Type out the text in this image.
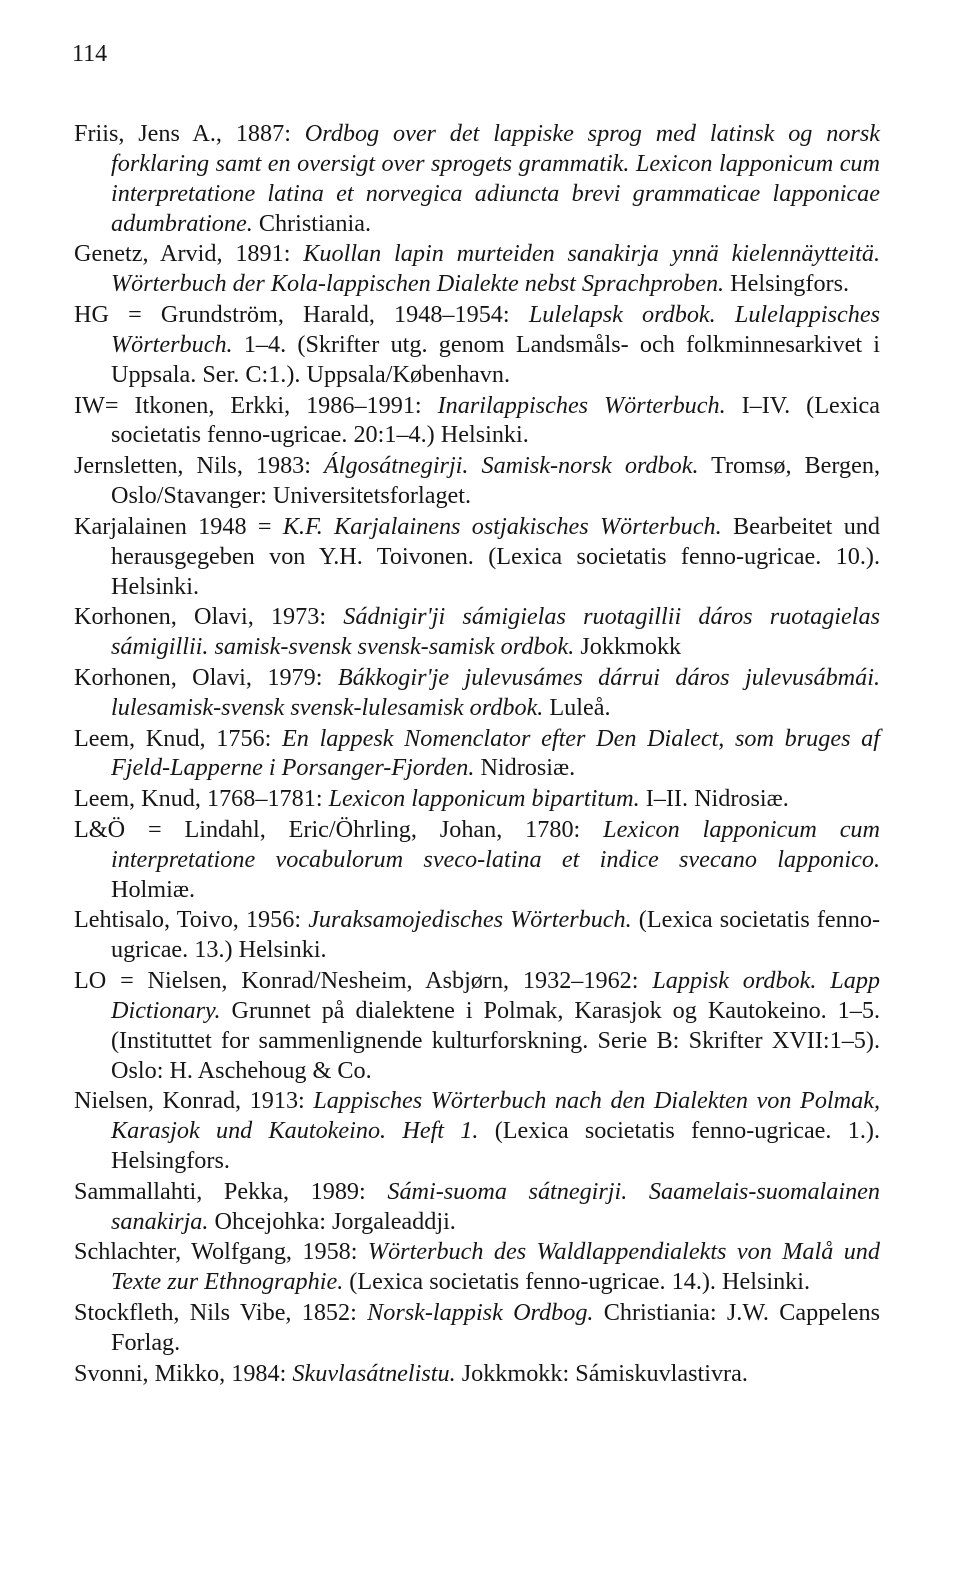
114
Friis, Jens A., 1887: Ordbog over det lappiske sprog med latinsk og norsk forklaring samt en oversigt over sprogets grammatik. Lexicon lapponicum cum interpretatione latina et norvegica adiuncta brevi grammaticae lapponicae adumbratione. Christiania.
Genetz, Arvid, 1891: Kuollan lapin murteiden sanakirja ynnä kielennäytteitä. Wörterbuch der Kola-lappischen Dialekte nebst Sprachproben. Helsingfors.
HG = Grundström, Harald, 1948–1954: Lulelapsk ordbok. Lulelappisches Wörterbuch. 1–4. (Skrifter utg. genom Landsmåls- och folkminnesarkivet i Uppsala. Ser. C:1.). Uppsala/København.
IW= Itkonen, Erkki, 1986–1991: Inarilappisches Wörterbuch. I–IV. (Lexica societatis fenno-ugricae. 20:1–4.) Helsinki.
Jernsletten, Nils, 1983: Álgosátnegirji. Samisk-norsk ordbok. Tromsø, Bergen, Oslo/Stavanger: Universitetsforlaget.
Karjalainen 1948 = K.F. Karjalainens ostjakisches Wörterbuch. Bearbeitet und herausgegeben von Y.H. Toivonen. (Lexica societatis fenno-ugricae. 10.). Helsinki.
Korhonen, Olavi, 1973: Sádnigir'ji sámigielas ruotagillii dáros ruotagielas sámigillii. samisk-svensk svensk-samisk ordbok. Jokkmokk
Korhonen, Olavi, 1979: Bákkogir'je julevusámes dárrui dáros julevusábmái. lulesamisk-svensk svensk-lulesamisk ordbok. Luleå.
Leem, Knud, 1756: En lappesk Nomenclator efter Den Dialect, som bruges af Fjeld-Lapperne i Porsanger-Fjorden. Nidrosiæ.
Leem, Knud, 1768–1781: Lexicon lapponicum bipartitum. I–II. Nidrosiæ.
L&Ö = Lindahl, Eric/Öhrling, Johan, 1780: Lexicon lapponicum cum interpretatione vocabulorum sveco-latina et indice svecano lapponico. Holmiæ.
Lehtisalo, Toivo, 1956: Juraksamojedisches Wörterbuch. (Lexica societatis fenno-ugricae. 13.) Helsinki.
LO = Nielsen, Konrad/Nesheim, Asbjørn, 1932–1962: Lappisk ordbok. Lapp Dictionary. Grunnet på dialektene i Polmak, Karasjok og Kautokeino. 1–5. (Instituttet for sammenlignende kulturforskning. Serie B: Skrifter XVII:1–5). Oslo: H. Aschehoug & Co.
Nielsen, Konrad, 1913: Lappisches Wörterbuch nach den Dialekten von Polmak, Karasjok und Kautokeino. Heft 1. (Lexica societatis fenno-ugricae. 1.). Helsingfors.
Sammallahti, Pekka, 1989: Sámi-suoma sátnegirji. Saamelais-suomalainen sanakirja. Ohcejohka: Jorgaleaddji.
Schlachter, Wolfgang, 1958: Wörterbuch des Waldlappendialekts von Malå und Texte zur Ethnographie. (Lexica societatis fenno-ugricae. 14.). Helsinki.
Stockfleth, Nils Vibe, 1852: Norsk-lappisk Ordbog. Christiania: J.W. Cappelens Forlag.
Svonni, Mikko, 1984: Skuvlasátnelistu. Jokkmokk: Sámiskuvlastivra.
